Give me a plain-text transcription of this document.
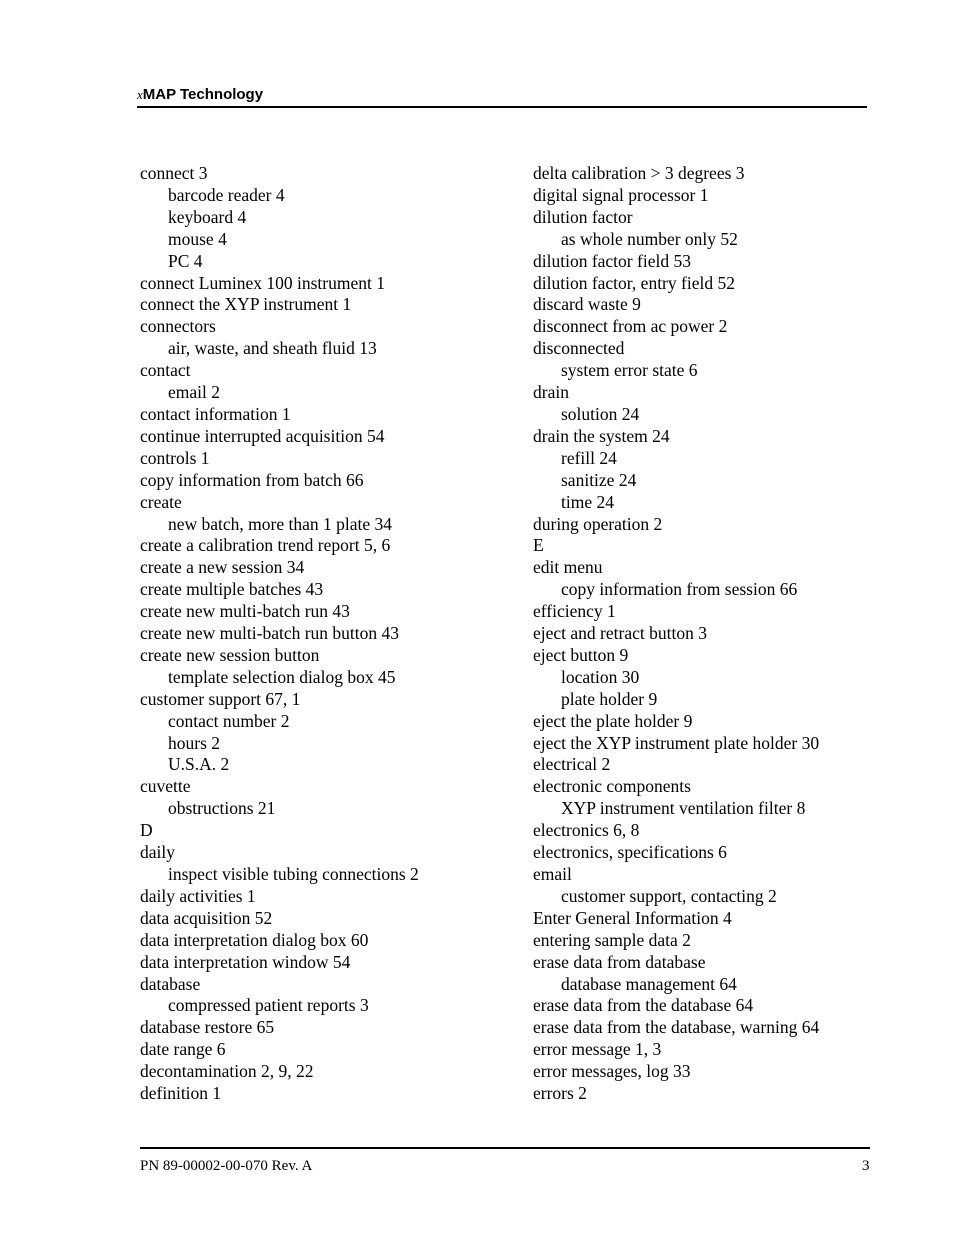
xMAP Technology
connect 3
barcode reader 4
keyboard 4
mouse 4
PC 4
connect Luminex 100 instrument 1
connect the XYP instrument 1
connectors
air, waste, and sheath fluid 13
contact
email 2
contact information 1
continue interrupted acquisition 54
controls 1
copy information from batch 66
create
new batch, more than 1 plate 34
create a calibration trend report 5, 6
create a new session 34
create multiple batches 43
create new multi-batch run 43
create new multi-batch run button 43
create new session button
template selection dialog box 45
customer support 67, 1
contact number 2
hours 2
U.S.A. 2
cuvette
obstructions 21
D
daily
inspect visible tubing connections 2
daily activities 1
data acquisition 52
data interpretation dialog box 60
data interpretation window 54
database
compressed patient reports 3
database restore 65
date range 6
decontamination 2, 9, 22
definition 1
delta calibration > 3 degrees 3
digital signal processor 1
dilution factor
as whole number only 52
dilution factor field 53
dilution factor, entry field 52
discard waste 9
disconnect from ac power 2
disconnected
system error state 6
drain
solution 24
drain the system 24
refill 24
sanitize 24
time 24
during operation 2
E
edit menu
copy information from session 66
efficiency 1
eject and retract button 3
eject button 9
location 30
plate holder 9
eject the plate holder 9
eject the XYP instrument plate holder 30
electrical 2
electronic components
XYP instrument ventilation filter 8
electronics 6, 8
electronics, specifications 6
email
customer support, contacting 2
Enter General Information 4
entering sample data 2
erase data from database
database management 64
erase data from the database 64
erase data from the database, warning 64
error message 1, 3
error messages, log 33
errors 2
PN 89-00002-00-070 Rev. A	3
